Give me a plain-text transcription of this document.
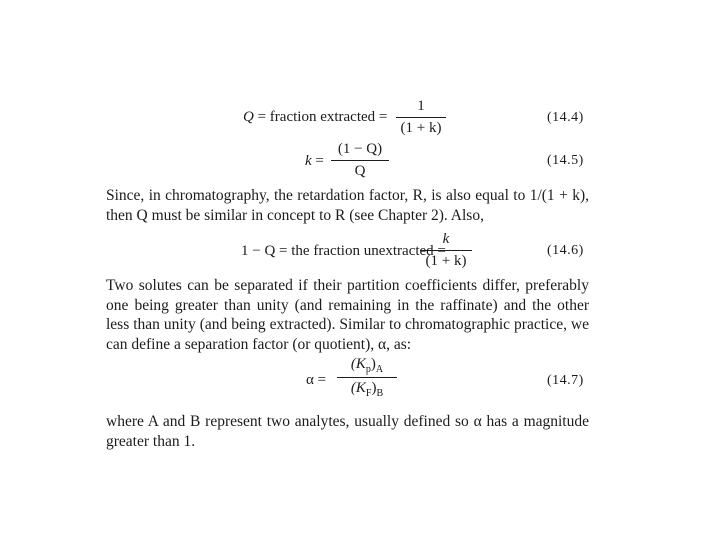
Q = fraction extracted =
1
(1 + k)
(14.4)
k =
(1 − Q)
Q
(14.5)
Since, in chromatography, the retardation factor, R, is also equal to 1/(1 + k),
then Q must be similar in concept to R (see Chapter 2). Also,
1 − Q = the fraction unextracted =
k
(1 + k)
(14.6)
Two solutes can be separated if their partition coefficients differ, preferably
one being greater than unity (and remaining in the raffinate) and the other
less than unity (and being extracted). Similar to chromatographic practice, we
can define a separation factor (or quotient), α, as:
α =
$(K_p)_A$
$(K_F)_B$
(14.7)
where A and B represent two analytes, usually defined so α has a magnitude
greater than 1.
